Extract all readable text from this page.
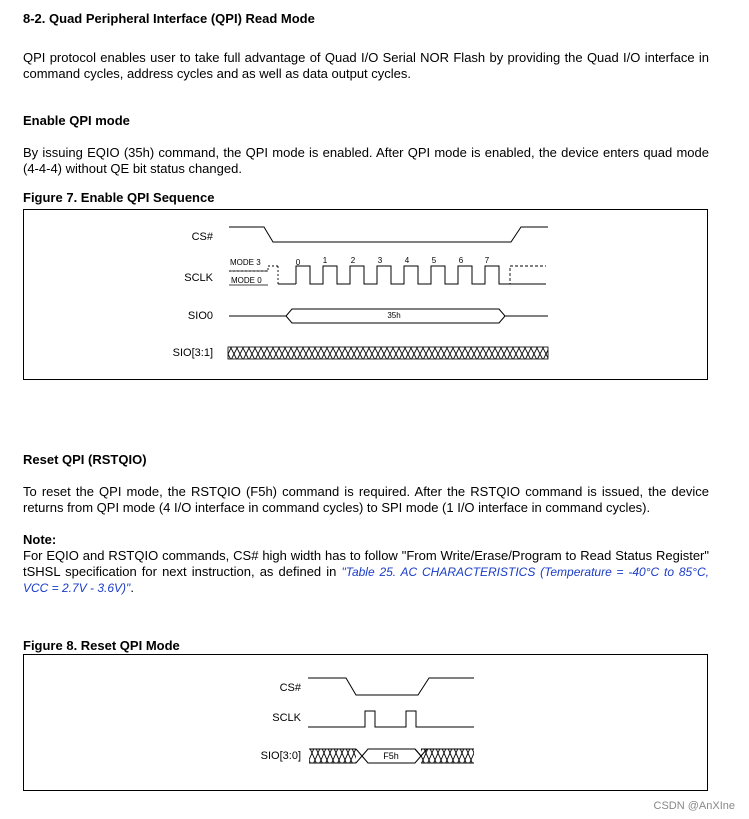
8-2. Quad Peripheral Interface (QPI) Read Mode
QPI protocol enables user to take full advantage of Quad I/O Serial NOR Flash by providing the Quad I/O interface in command cycles, address cycles and as well as data output cycles.
Enable QPI mode
By issuing EQIO (35h) command, the QPI mode is enabled. After QPI mode is enabled, the device enters quad mode (4-4-4) without QE bit status changed.
Figure 7. Enable QPI Sequence
CS#
SCLK
SIO0
SIO[3:1]
MODE 3
MODE 0
0	1	2	3	4	5	6	7
35h
Reset QPI (RSTQIO)
To reset the QPI mode, the RSTQIO (F5h) command is required. After the RSTQIO command is issued, the device returns from QPI mode (4 I/O interface in command cycles) to SPI mode (1 I/O interface in command cycles).
Note:
For EQIO and RSTQIO commands, CS# high width has to follow "From Write/Erase/Program to Read Status Register" tSHSL specification for next instruction, as defined in "Table 25. AC CHARACTERISTICS (Temperature = -40°C to 85°C, VCC = 2.7V - 3.6V)".
Figure 8. Reset QPI Mode
CS#
SCLK
SIO[3:0]	F5h
CSDN @AnXIne
